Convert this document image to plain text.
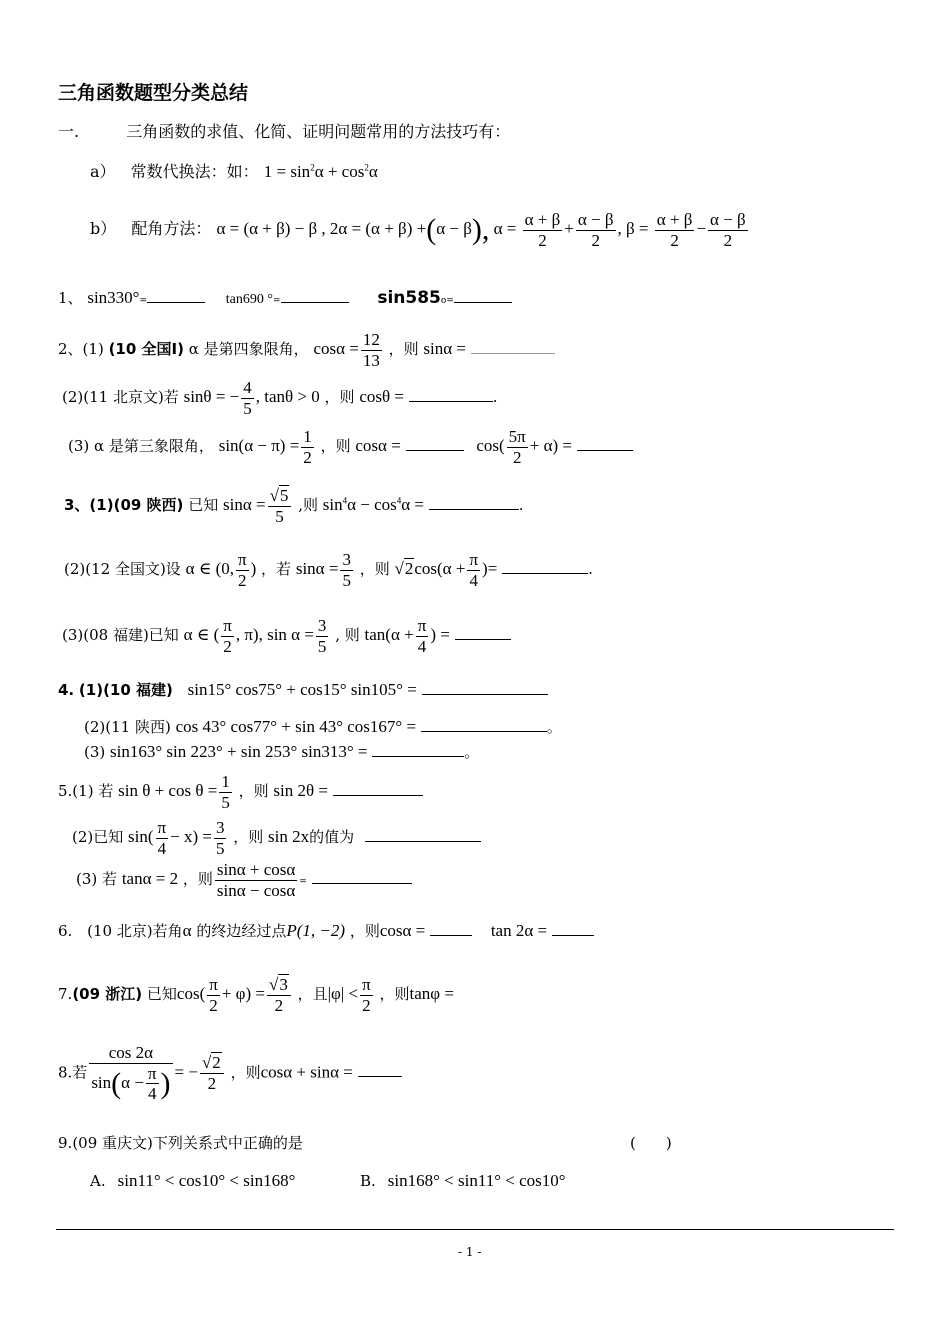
三角函数题型分类总结
一.	三角函数的求值、化简、证明问题常用的方法技巧有：
a） 常数代换法：如： $1 = \sin^2\alpha + \cos^2\alpha$
b） 配角方法： α = (α + β) − β , 2α = (α + β) +(α − β), $\alpha = \frac{\alpha + \beta}{2} + \frac{\alpha - \beta}{2}$ , $\beta = \frac{\alpha + \beta}{2} - \frac{\alpha - \beta}{2}$
1、 sin330°=	tan690 °=	sin585o=
2、(1) (10 全国Ⅰ) α 是第四象限角， $\cos\alpha = \frac{12}{13}$ ，则 sinα =
(2)(11 北京文)若 sinθ = − $\frac{4}{5}$ , tanθ > 0 ，则 cosθ =	.
(3) α 是第三象限角， $\sin(\alpha - \pi) = \frac{1}{2}$ ，则 cosα =	$\cos( \frac{5\pi}{2} + \alpha)$ =
3、(1)(09 陕西) 已知 $\sin\alpha = \frac{√5}{5}$ ,则 $\sin^4\alpha - \cos^4\alpha$ =	.
(2)(12 全国文)设 α ∈ (0, $\frac{\pi}{2}$ ) ，若 $\sin\alpha = \frac{3}{5}$ ，则 $√2\cos(\alpha + \frac{\pi}{4}$ )=	.
(3)(08 福建)已知 α ∈ ( $\frac{\pi}{2}$ , π), $\sin \alpha = \frac{3}{5}$ , 则 $\tan(\alpha + \frac{\pi}{4}$ ) =
4. (1)(10 福建) sin15° cos75° + cos15° sin105° =
(2)(11 陕西) cos 43° cos77° + sin 43° cos167° =	。
(3) sin163° sin 223° + sin 253° sin313° =	。
5.(1) 若 $\sin \theta + \cos \theta = \frac{1}{5}$ ，则 sin 2θ =
(2)已知 $\sin( \frac{\pi}{4} - x) = \frac{3}{5}$ ，则 sin 2x的值为
(3) 若 tanα = 2 ，则 $\frac{\sin\alpha + \cos\alpha}{\sin\alpha - \cos\alpha}$ =
6. (10 北京)若角α 的终边经过点P(1, −2) ，则cosα =	tan 2α =
7.(09 浙江) 已知$\cos( \frac{\pi}{2} + \varphi) = \frac{√3}{2}$ ，且$|\varphi| < \frac{\pi}{2}$ ，则tanφ =
8.若 $\frac{\cos 2\alpha}{\sin(\alpha - \frac{\pi}{4} )}$ = − $\frac{√2}{2}$ ，则cosα + sinα =
9.(09 重庆文)下列关系式中正确的是	(　　)
A. sin11° < cos10° < sin168°	B. sin168° < sin11° < cos10°
- 1 -
